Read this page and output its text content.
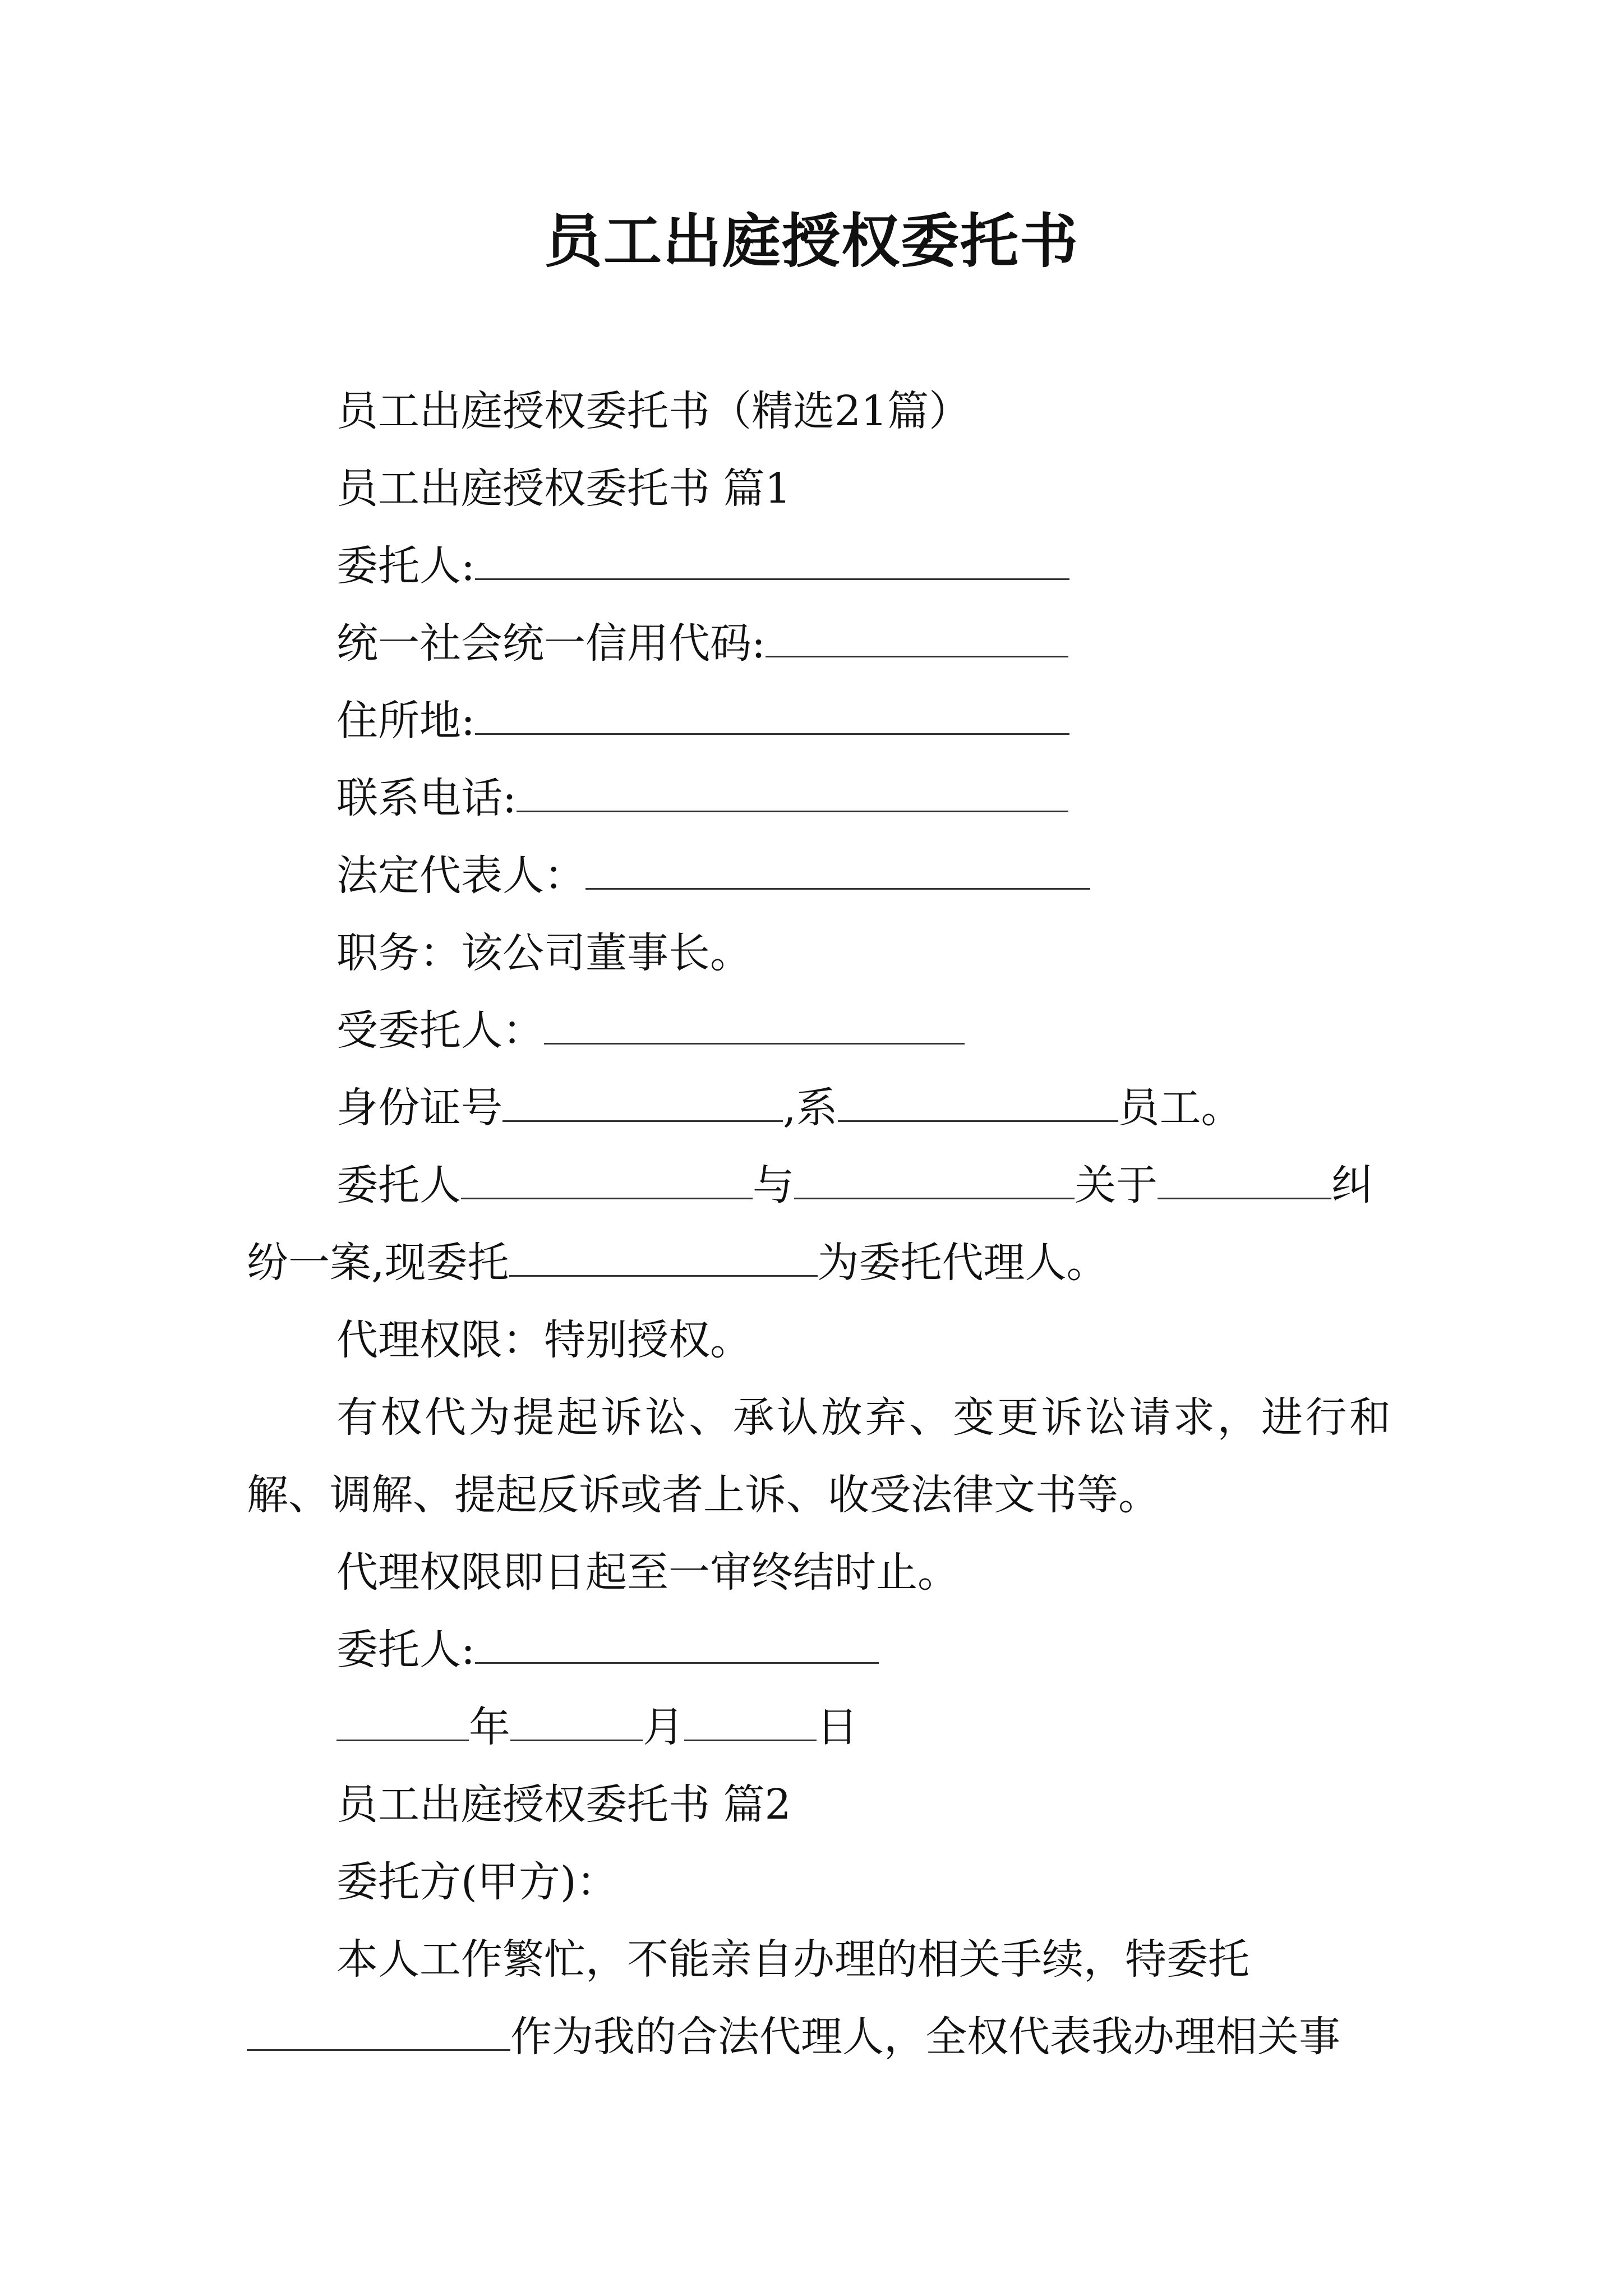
员工出庭授权委托书
员工出庭授权委托书（精选21篇）
员工出庭授权委托书 篇1
委托人:
统一社会统一信用代码:
住所地:
联系电话:
法定代表人：
职务：该公司董事长。
受委托人：
身份证号	,系	员工。
委托人	与	关于	纠
纷一案,现委托	为委托代理人。
代理权限：特别授权。
有权代为提起诉讼、承认放弃、变更诉讼请求，进行和解、调解、提起反诉或者上诉、收受法律文书等。
代理权限即日起至一审终结时止。
委托人:
年	月	日
员工出庭授权委托书 篇2
委托方(甲方)：
本人工作繁忙，不能亲自办理的相关手续，特委托
作为我的合法代理人，全权代表我办理相关事
